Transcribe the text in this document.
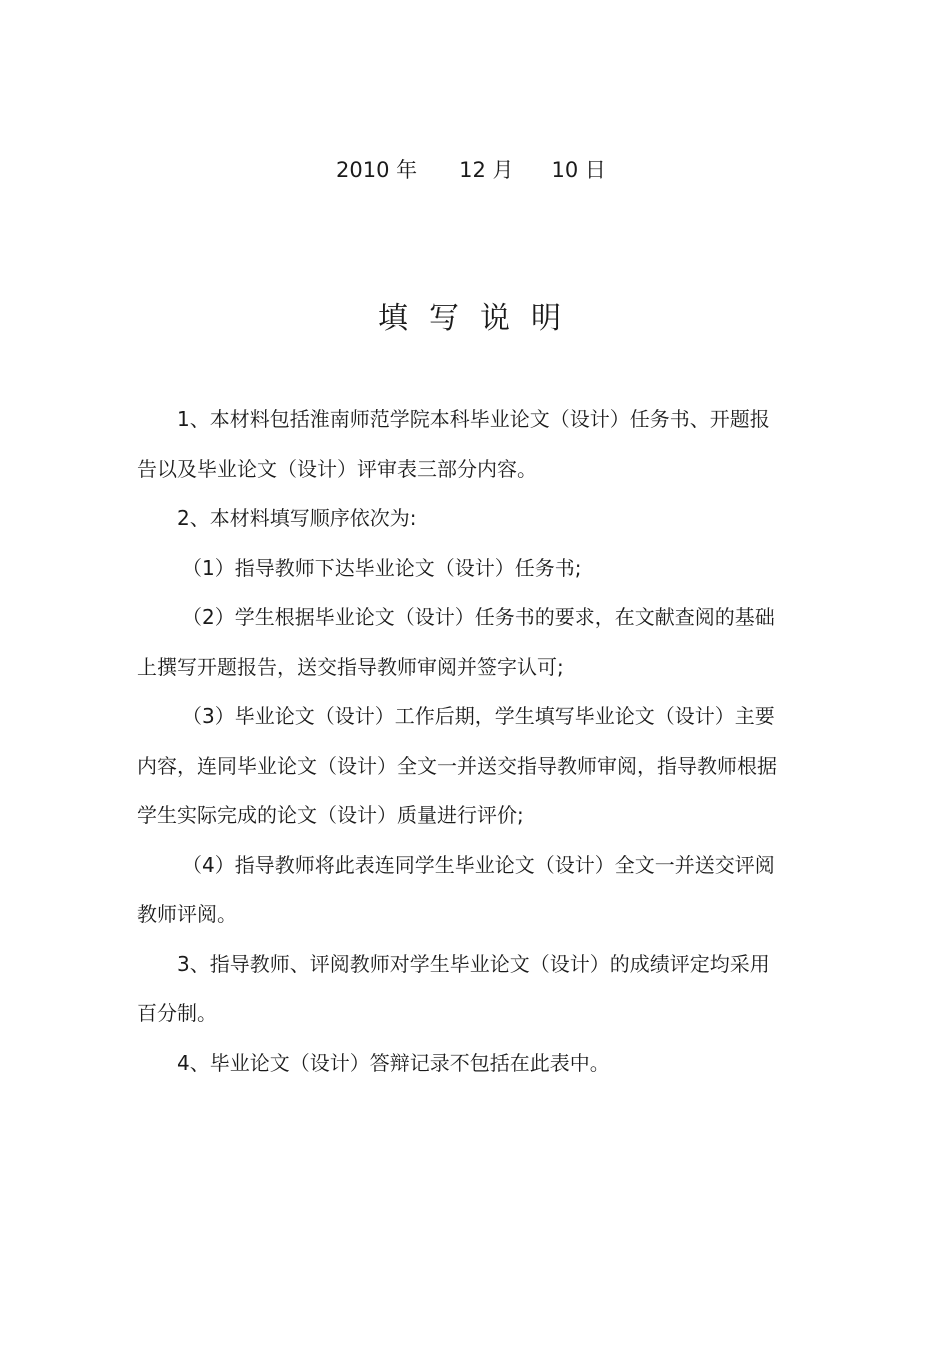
2010 年 12 月 10 日
填写说明

1、本材料包括淮南师范学院本科毕业论文（设计）任务书、开题报告以及毕业论文（设计）评审表三部分内容。

2、本材料填写顺序依次为:

（1）指导教师下达毕业论文（设计）任务书;

（2）学生根据毕业论文（设计）任务书的要求，在文献查阅的基础上撰写开题报告，送交指导教师审阅并签字认可;

（3）毕业论文（设计）工作后期，学生填写毕业论文（设计）主要内容，连同毕业论文（设计）全文一并送交指导教师审阅，指导教师根据学生实际完成的论文（设计）质量进行评价;

（4）指导教师将此表连同学生毕业论文（设计）全文一并送交评阅教师评阅。

3、指导教师、评阅教师对学生毕业论文（设计）的成绩评定均采用百分制。

4、毕业论文（设计）答辩记录不包括在此表中。
